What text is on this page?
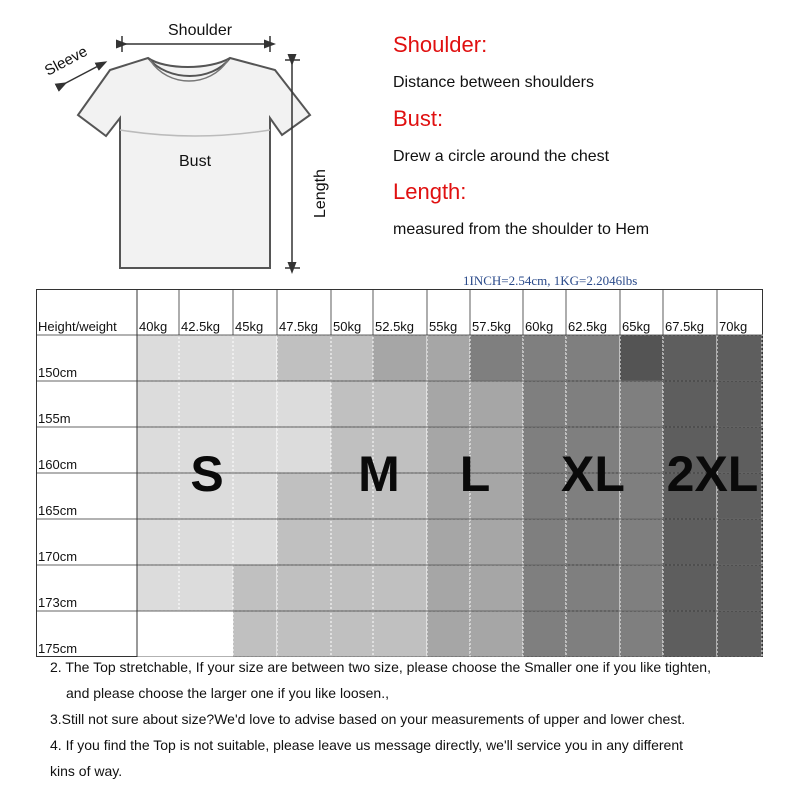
Shoulder
Sleeve
Bust
Length
Shoulder:
Distance between shoulders
Bust:
Drew a circle around the chest
Length:
measured from the shoulder to Hem
1INCH=2.54cm, 1KG=2.2046lbs
Height/weight 40kg 42.5kg 45kg 47.5kg 50kg 52.5kg 55kg 57.5kg 60kg 62.5kg 65kg 67.5kg 70kg
150cm
155m
160cm
165cm
170cm
173cm
175cm
S	M L XL 2XL
2. The Top stretchable, If your size are between two size, please choose the Smaller one if you like tighten,
and please choose the larger one if you like loosen.,
3.Still not sure about size?We'd love to advise based on your measurements of upper and lower chest.
4. If you find the Top is not suitable, please leave us message directly, we'll service you in any different
kins of way.
